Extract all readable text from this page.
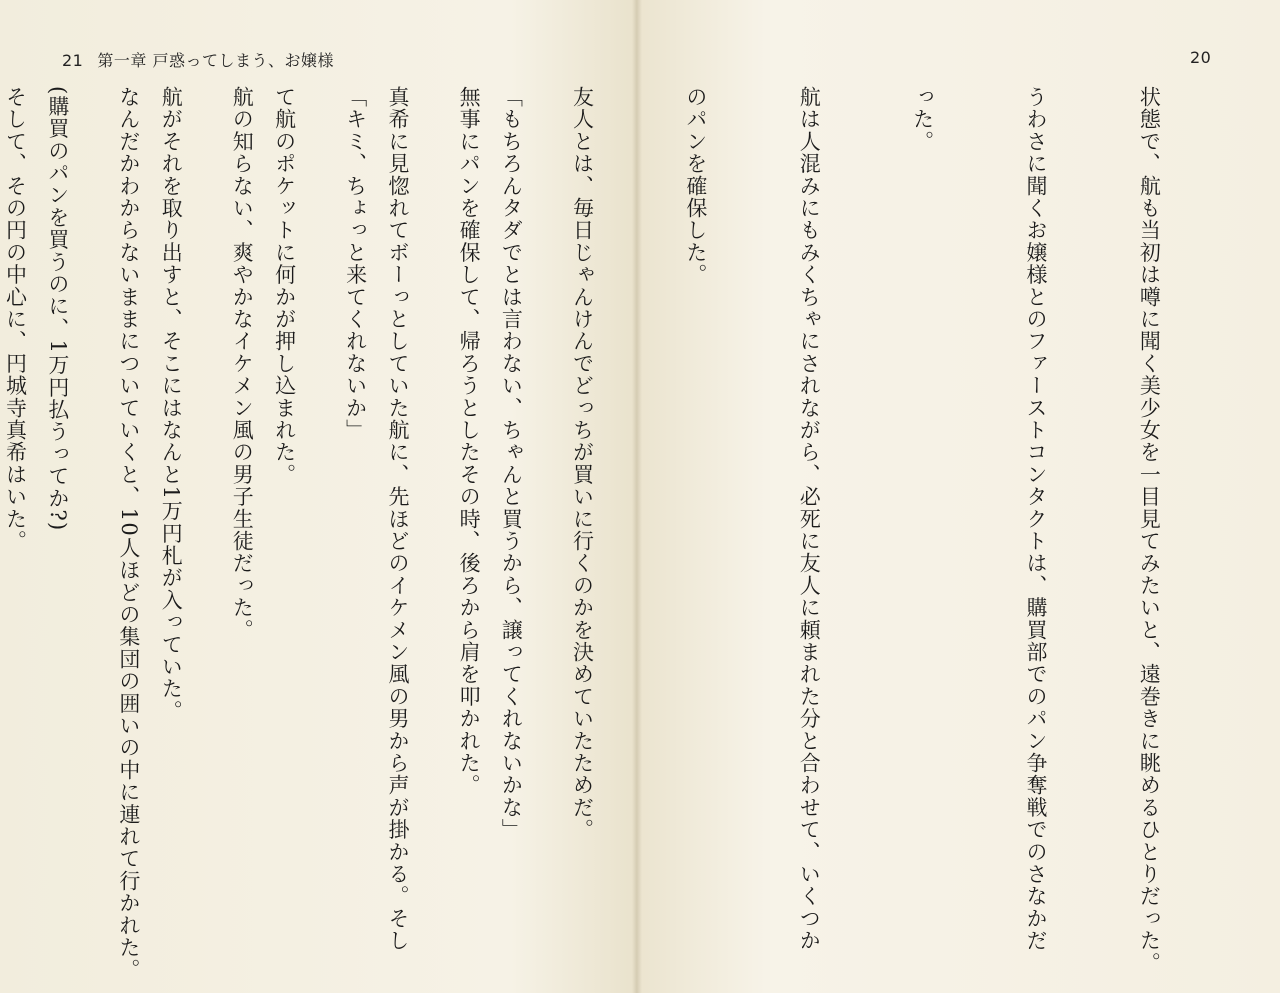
21 第一章 戸惑ってしまう、お嬢様

「もちろんタダでとは言わない、ちゃんと買うから、譲ってくれないかな」

真希に見惚れてボーっとしていた航に、先ほどのイケメン風の男から声が掛かる。そし

て航のポケットに何かが押し込まれた。

航がそれを取り出すと、そこにはなんと1万円札が入っていた。

(購買のパンを買うのに、1万円払うってか?)

20

状態で、航も当初は噂に聞く美少女を一目見てみたいと、遠巻きに眺めるひとりだった。

うわさに聞くお嬢様とのファーストコンタクトは、購買部でのパン争奪戦でのさなかだ

った。

航は人混みにもみくちゃにされながら、必死に友人に頼まれた分と合わせて、いくつか

のパンを確保した。

友人とは、毎日じゃんけんでどっちが買いに行くのかを決めていたためだ。

無事にパンを確保して、帰ろうとしたその時、後ろから肩を叩かれた。

「キミ、ちょっと来てくれないか」

航の知らない、爽やかなイケメン風の男子生徒だった。

なんだかわからないままについていくと、10人ほどの集団の囲いの中に連れて行かれた。

そして、その円の中心に、円城寺真希はいた。
